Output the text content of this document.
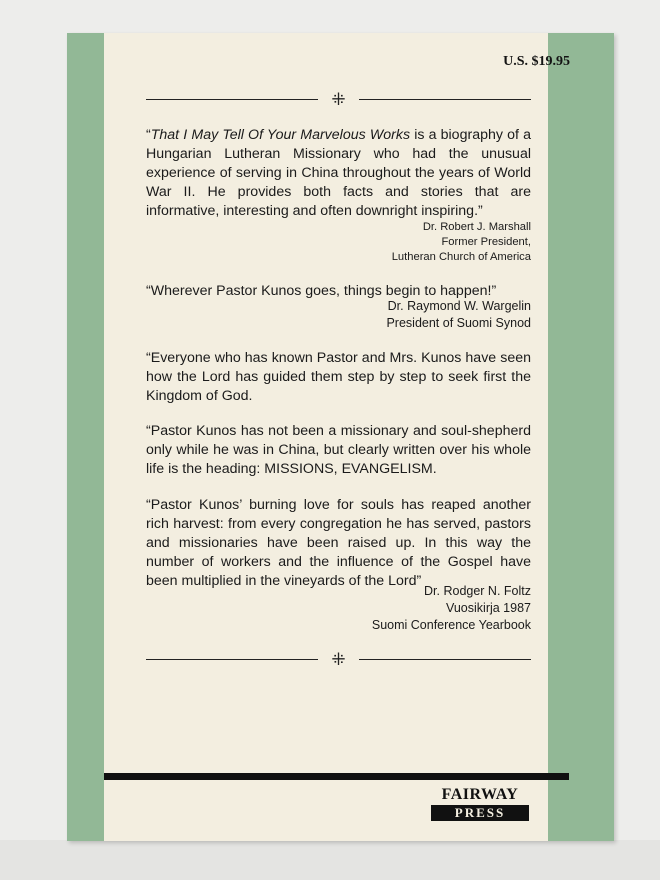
U.S. $19.95
⁜

“That I May Tell Of Your Marvelous Works is a biography of a Hungarian Lutheran Missionary who had the unusual experience of serving in China throughout the years of World War II. He provides both facts and stories that are informative, interesting and often downright inspiring.”

Dr. Robert J. Marshall
Former President,
Lutheran Church of America

“Wherever Pastor Kunos goes, things begin to happen!”

Dr. Raymond W. Wargelin
President of Suomi Synod

“Everyone who has known Pastor and Mrs. Kunos have seen how the Lord has guided them step by step to seek first the Kingdom of God.

“Pastor Kunos has not been a missionary and soul-shepherd only while he was in China, but clearly written over his whole life is the heading: MISSIONS, EVANGELISM.

“Pastor Kunos’ burning love for souls has reaped another rich harvest: from every congregation he has served, pastors and missionaries have been raised up. In this way the number of workers and the influence of the Gospel have been multiplied in the vineyards of the Lord”

Dr. Rodger N. Foltz
Vuosikirja 1987
Suomi Conference Yearbook
⁜
FAIRWAY
PRESS
